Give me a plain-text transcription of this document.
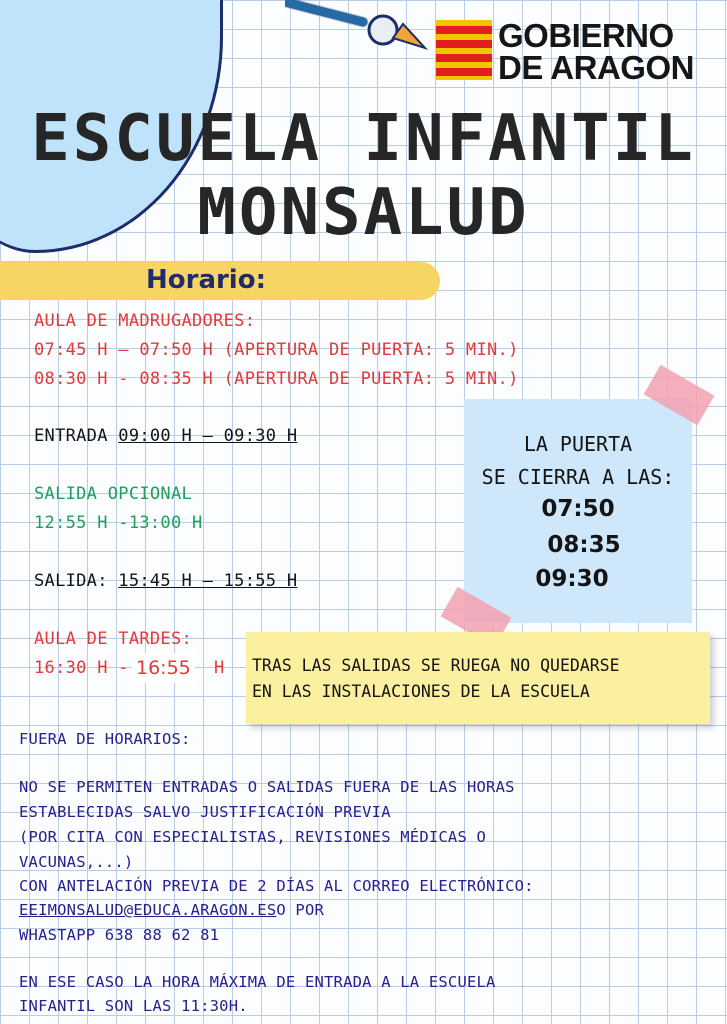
GOBIERNO
DE ARAGON
ESCUELA INFANTIL
MONSALUD
Horario:
AULA DE MADRUGADORES:
07:45 H – 07:50 H (APERTURA DE PUERTA: 5 MIN.)
08:30 H - 08:35 H (APERTURA DE PUERTA: 5 MIN.)
ENTRADA 09:00 H – 09:30 H
SALIDA OPCIONAL
12:55 H -13:00 H
SALIDA: 15:45 H – 15:55 H
AULA DE TARDES:
16:30 H - 16:55 H
LA PUERTA
SE CIERRA A LAS:
07:50
08:35
09:30
TRAS LAS SALIDAS SE RUEGA NO QUEDARSE
EN LAS INSTALACIONES DE LA ESCUELA
FUERA DE HORARIOS:
NO SE PERMITEN ENTRADAS O SALIDAS FUERA DE LAS HORAS
ESTABLECIDAS SALVO JUSTIFICACIÓN PREVIA
(POR CITA CON ESPECIALISTAS, REVISIONES MÉDICAS O
VACUNAS,...)
CON ANTELACIÓN PREVIA DE 2 DÍAS AL CORREO ELECTRÓNICO:
EEIMONSALUD@EDUCA.ARAGON.ESO POR
WHASTAPP 638 88 62 81
EN ESE CASO LA HORA MÁXIMA DE ENTRADA A LA ESCUELA
INFANTIL SON LAS 11:30H.
